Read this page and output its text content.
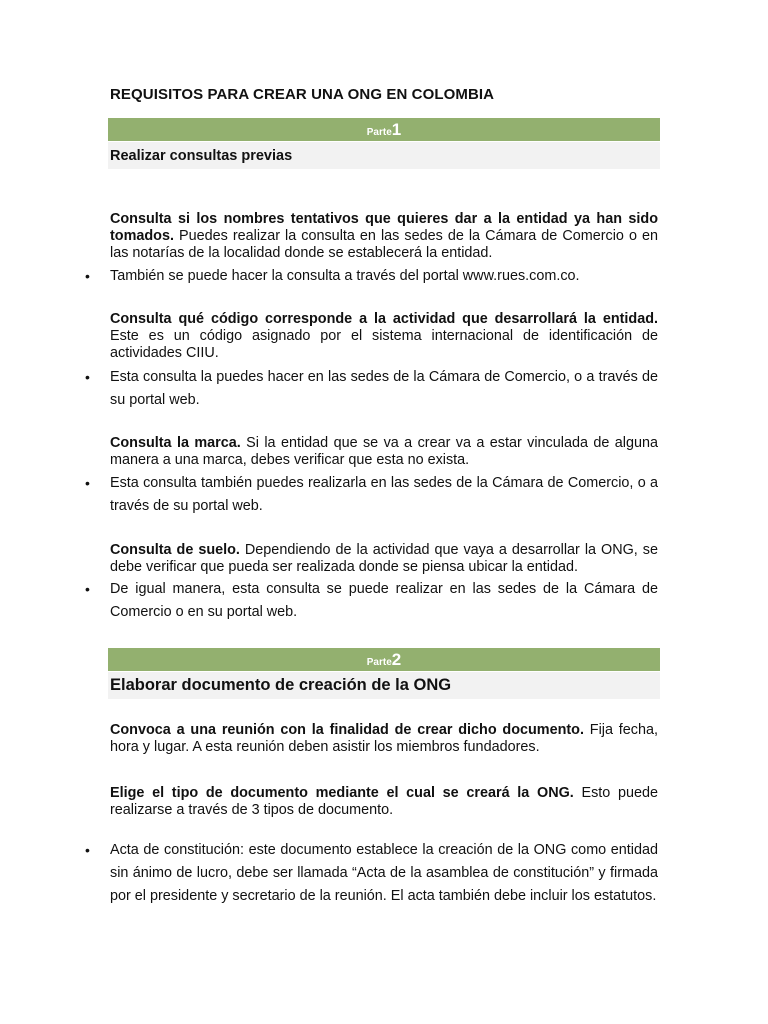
REQUISITOS PARA CREAR UNA ONG EN COLOMBIA
Parte1
Realizar consultas previas
Consulta si los nombres tentativos que quieres dar a la entidad ya han sido tomados. Puedes realizar la consulta en las sedes de la Cámara de Comercio o en las notarías de la localidad donde se establecerá la entidad.
• También se puede hacer la consulta a través del portal www.rues.com.co.
Consulta qué código corresponde a la actividad que desarrollará la entidad. Este es un código asignado por el sistema internacional de identificación de actividades CIIU.
• Esta consulta la puedes hacer en las sedes de la Cámara de Comercio, o a través de su portal web.
Consulta la marca. Si la entidad que se va a crear va a estar vinculada de alguna manera a una marca, debes verificar que esta no exista.
• Esta consulta también puedes realizarla en las sedes de la Cámara de Comercio, o a través de su portal web.
Consulta de suelo. Dependiendo de la actividad que vaya a desarrollar la ONG, se debe verificar que pueda ser realizada donde se piensa ubicar la entidad.
• De igual manera, esta consulta se puede realizar en las sedes de la Cámara de Comercio o en su portal web.
Parte2
Elaborar documento de creación de la ONG
Convoca a una reunión con la finalidad de crear dicho documento. Fija fecha, hora y lugar. A esta reunión deben asistir los miembros fundadores.
Elige el tipo de documento mediante el cual se creará la ONG. Esto puede realizarse a través de 3 tipos de documento.
• Acta de constitución: este documento establece la creación de la ONG como entidad sin ánimo de lucro, debe ser llamada “Acta de la asamblea de constitución” y firmada por el presidente y secretario de la reunión. El acta también debe incluir los estatutos.
